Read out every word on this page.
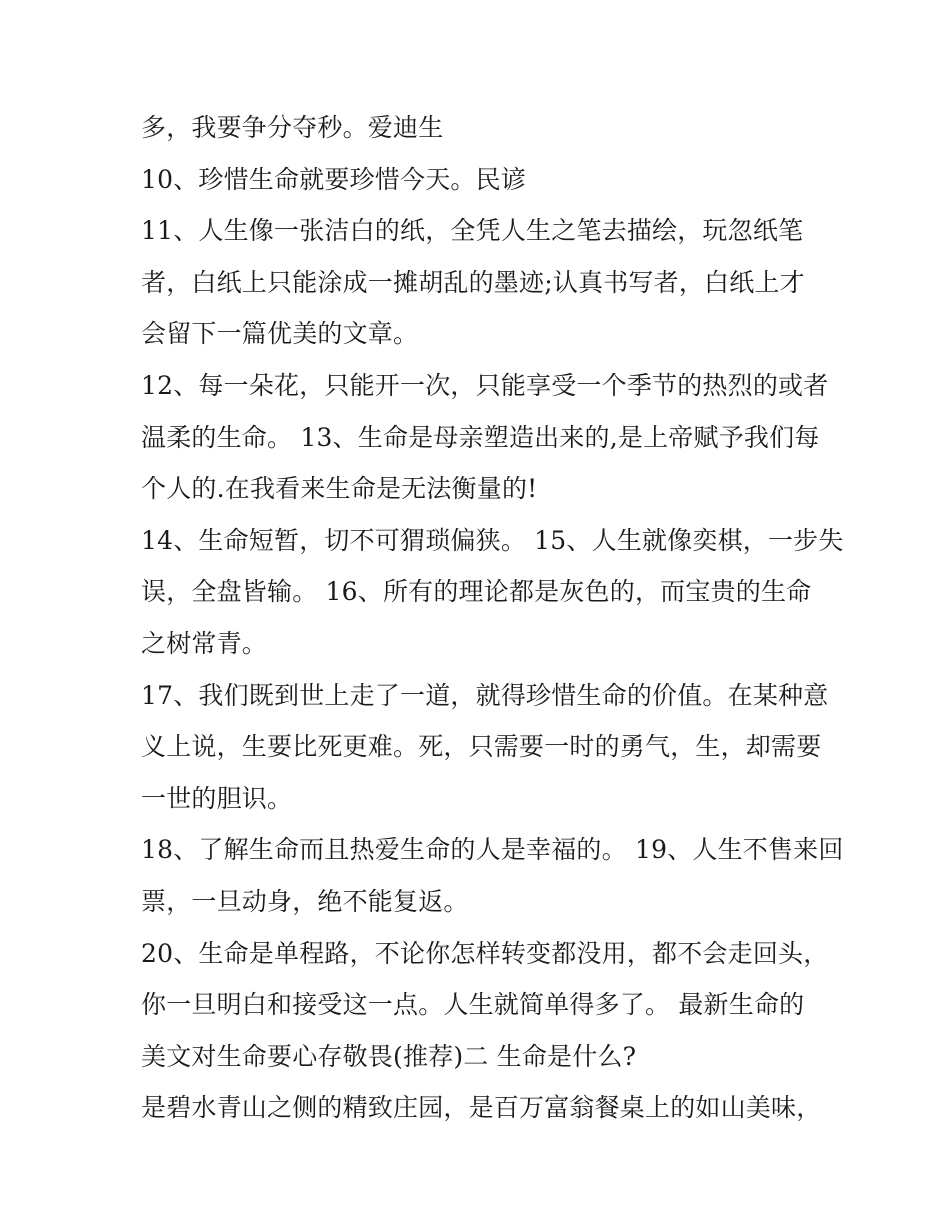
多，我要争分夺秒。爱迪生
10、珍惜生命就要珍惜今天。民谚
11、人生像一张洁白的纸，全凭人生之笔去描绘，玩忽纸笔
者，白纸上只能涂成一摊胡乱的墨迹;认真书写者，白纸上才
会留下一篇优美的文章。
12、每一朵花，只能开一次，只能享受一个季节的热烈的或者
温柔的生命。 13、生命是母亲塑造出来的,是上帝赋予我们每
个人的.在我看来生命是无法衡量的!
14、生命短暂，切不可猬琐偏狭。 15、人生就像奕棋，一步失
误，全盘皆输。 16、所有的理论都是灰色的，而宝贵的生命
之树常青。
17、我们既到世上走了一道，就得珍惜生命的价值。在某种意
义上说，生要比死更难。死，只需要一时的勇气，生，却需要
一世的胆识。
18、了解生命而且热爱生命的人是幸福的。 19、人生不售来回
票，一旦动身，绝不能复返。
20、生命是单程路，不论你怎样转变都没用，都不会走回头，
你一旦明白和接受这一点。人生就简单得多了。 最新生命的
美文对生命要心存敬畏(推荐)二 生命是什么?
是碧水青山之侧的精致庄园，是百万富翁餐桌上的如山美味，
